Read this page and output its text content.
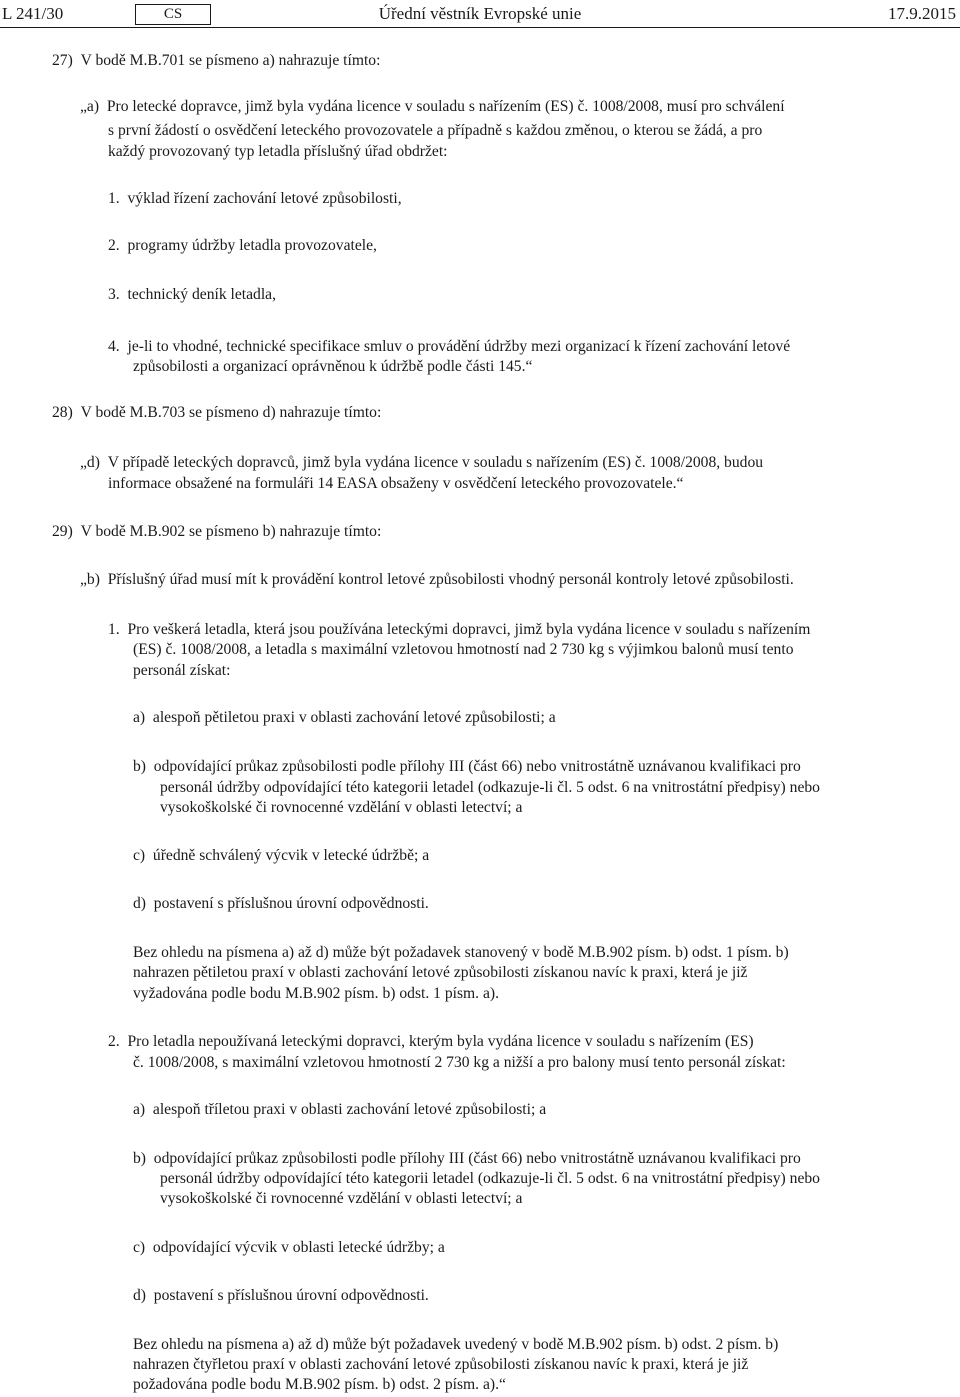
L 241/30	CS	Úřední věstník Evropské unie	17.9.2015

27)  V bodě M.B.701 se písmeno a) nahrazuje tímto:

„a)  Pro letecké dopravce, jimž byla vydána licence v souladu s nařízením (ES) č. 1008/2008, musí pro schválení

s první žádostí o osvědčení leteckého provozovatele a případně s každou změnou, o kterou se žádá, a pro

každý provozovaný typ letadla příslušný úřad obdržet:

1.  výklad řízení zachování letové způsobilosti,

2.  programy údržby letadla provozovatele,

3.  technický deník letadla,

4.  je-li to vhodné, technické specifikace smluv o provádění údržby mezi organizací k řízení zachování letové

způsobilosti a organizací oprávněnou k údržbě podle části 145.“

28)  V bodě M.B.703 se písmeno d) nahrazuje tímto:

„d)  V případě leteckých dopravců, jimž byla vydána licence v souladu s nařízením (ES) č. 1008/2008, budou

informace obsažené na formuláři 14 EASA obsaženy v osvědčení leteckého provozovatele.“

29)  V bodě M.B.902 se písmeno b) nahrazuje tímto:

„b)  Příslušný úřad musí mít k provádění kontrol letové způsobilosti vhodný personál kontroly letové způsobilosti.

1.  Pro veškerá letadla, která jsou používána leteckými dopravci, jimž byla vydána licence v souladu s nařízením

(ES) č. 1008/2008, a letadla s maximální vzletovou hmotností nad 2 730 kg s výjimkou balonů musí tento

personál získat:

a)  alespoň pětiletou praxi v oblasti zachování letové způsobilosti; a

b)  odpovídající průkaz způsobilosti podle přílohy III (část 66) nebo vnitrostátně uznávanou kvalifikaci pro

personál údržby odpovídající této kategorii letadel (odkazuje-li čl. 5 odst. 6 na vnitrostátní předpisy) nebo

vysokoškolské či rovnocenné vzdělání v oblasti letectví; a

c)  úředně schválený výcvik v letecké údržbě; a

d)  postavení s příslušnou úrovní odpovědnosti.

Bez ohledu na písmena a) až d) může být požadavek stanovený v bodě M.B.902 písm. b) odst. 1 písm. b)

nahrazen pětiletou praxí v oblasti zachování letové způsobilosti získanou navíc k praxi, která je již

vyžadována podle bodu M.B.902 písm. b) odst. 1 písm. a).

2.  Pro letadla nepoužívaná leteckými dopravci, kterým byla vydána licence v souladu s nařízením (ES)

č. 1008/2008, s maximální vzletovou hmotností 2 730 kg a nižší a pro balony musí tento personál získat:

a)  alespoň tříletou praxi v oblasti zachování letové způsobilosti; a

b)  odpovídající průkaz způsobilosti podle přílohy III (část 66) nebo vnitrostátně uznávanou kvalifikaci pro

personál údržby odpovídající této kategorii letadel (odkazuje-li čl. 5 odst. 6 na vnitrostátní předpisy) nebo

vysokoškolské či rovnocenné vzdělání v oblasti letectví; a

c)  odpovídající výcvik v oblasti letecké údržby; a

d)  postavení s příslušnou úrovní odpovědnosti.

Bez ohledu na písmena a) až d) může být požadavek uvedený v bodě M.B.902 písm. b) odst. 2 písm. b)

nahrazen čtyřletou praxí v oblasti zachování letové způsobilosti získanou navíc k praxi, která je již

požadována podle bodu M.B.902 písm. b) odst. 2 písm. a).“
